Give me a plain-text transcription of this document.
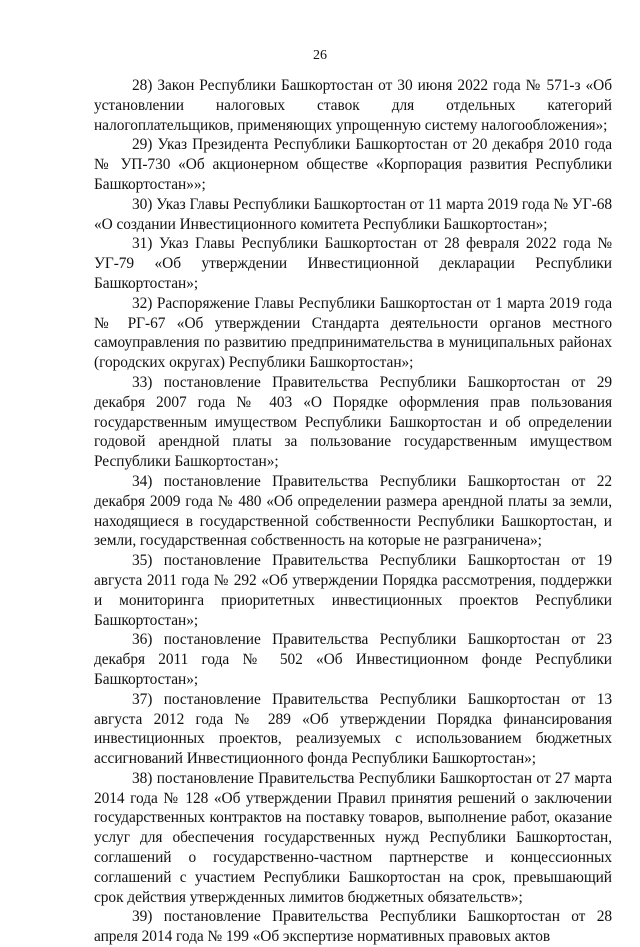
26

28) Закон Республики Башкортостан от 30 июня 2022 года № 571-з «Об установлении налоговых ставок для отдельных категорий налогоплательщиков, применяющих упрощенную систему налогообложения»;

29) Указ Президента Республики Башкортостан от 20 декабря 2010 года № УП-730 «Об акционерном обществе «Корпорация развития Республики Башкортостан»»;

30) Указ Главы Республики Башкортостан от 11 марта 2019 года № УГ-68 «О создании Инвестиционного комитета Республики Башкортостан»;

31) Указ Главы Республики Башкортостан от 28 февраля 2022 года № УГ-79 «Об утверждении Инвестиционной декларации Республики Башкортостан»;

32) Распоряжение Главы Республики Башкортостан от 1 марта 2019 года № РГ-67 «Об утверждении Стандарта деятельности органов местного самоуправления по развитию предпринимательства в муниципальных районах (городских округах) Республики Башкортостан»;

33) постановление Правительства Республики Башкортостан от 29 декабря 2007 года № 403 «О Порядке оформления прав пользования государственным имуществом Республики Башкортостан и об определении годовой арендной платы за пользование государственным имуществом Республики Башкортостан»;

34) постановление Правительства Республики Башкортостан от 22 декабря 2009 года № 480 «Об определении размера арендной платы за земли, находящиеся в государственной собственности Республики Башкортостан, и земли, государственная собственность на которые не разграничена»;

35) постановление Правительства Республики Башкортостан от 19 августа 2011 года № 292 «Об утверждении Порядка рассмотрения, поддержки и мониторинга приоритетных инвестиционных проектов Республики Башкортостан»;

36) постановление Правительства Республики Башкортостан от 23 декабря 2011 года № 502 «Об Инвестиционном фонде Республики Башкортостан»;

37) постановление Правительства Республики Башкортостан от 13 августа 2012 года № 289 «Об утверждении Порядка финансирования инвестиционных проектов, реализуемых с использованием бюджетных ассигнований Инвестиционного фонда Республики Башкортостан»;

38) постановление Правительства Республики Башкортостан от 27 марта 2014 года № 128 «Об утверждении Правил принятия решений о заключении государственных контрактов на поставку товаров, выполнение работ, оказание услуг для обеспечения государственных нужд Республики Башкортостан, соглашений о государственно-частном партнерстве и концессионных соглашений с участием Республики Башкортостан на срок, превышающий срок действия утвержденных лимитов бюджетных обязательств»;

39) постановление Правительства Республики Башкортостан от 28 апреля 2014 года № 199 «Об экспертизе нормативных правовых актов
